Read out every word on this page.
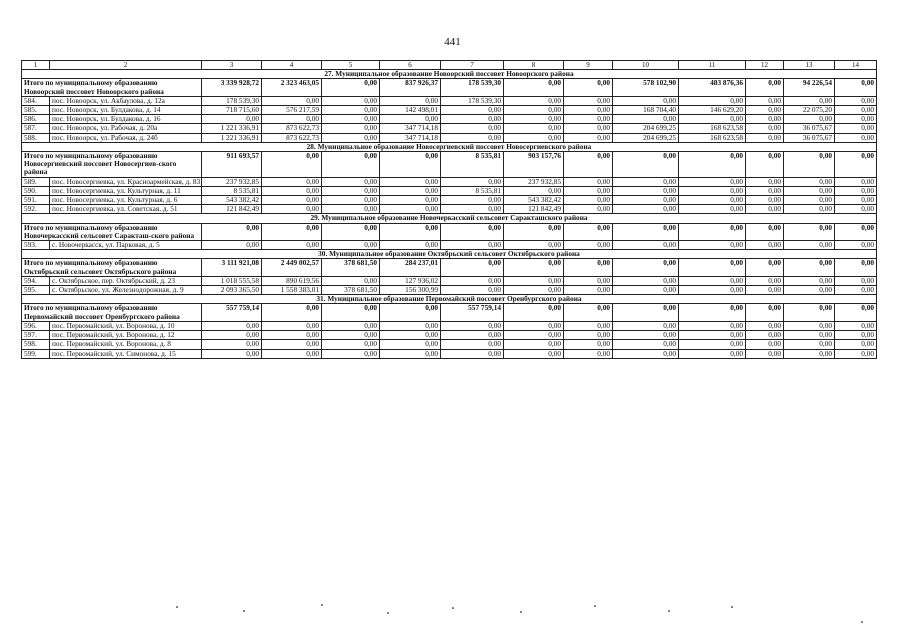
441
1	2	3	4	5	6	7	8	9	10	11	12	13	14
27. Муниципальное образование Новоорский поссовет Новоорского района													
Итого по муниципальному образованию Новоорский поссовет Новоорского района		3 339 928,72	2 323 463,05	0,00	837 926,37	178 539,30	0,00	0,00	578 102,90	483 876,36	0,00	94 226,54	0,00
584.	пос. Новоорск, ул. Акбаулова, д. 12а	178 539,30	0,00	0,00	0,00	178 539,30	0,00	0,00	0,00	0,00	0,00	0,00	0,00
585.	пос. Новоорск, ул. Булдакова, д. 14	718 715,60	576 217,59	0,00	142 498,01	0,00	0,00	0,00	168 704,40	146 629,20	0,00	22 075,20	0,00
586.	пос. Новоорск, ул. Булдакова, д. 16	0,00	0,00	0,00	0,00	0,00	0,00	0,00	0,00	0,00	0,00	0,00	0,00
587.	пос. Новоорск, ул. Рабочая, д. 20а	1 221 336,91	873 622,73	0,00	347 714,18	0,00	0,00	0,00	204 699,25	168 623,58	0,00	36 075,67	0,00
588.	пос. Новоорск, ул. Рабочая, д. 24б	1 221 336,91	873 622,73	0,00	347 714,18	0,00	0,00	0,00	204 699,25	168 623,58	0,00	36 075,67	0,00
28. Муниципальное образование Новосергиевский поссовет Новосергиевского района													
Итого по муниципальному образованию Новосергиевский поссовет Новосергиев-ского района		911 693,57	0,00	0,00	0,00	8 535,81	903 157,76	0,00	0,00	0,00	0,00	0,00	0,00
589.	пос. Новосергиевка, ул. Красноармейская, д. 83	237 932,85	0,00	0,00	0,00	0,00	237 932,85	0,00	0,00	0,00	0,00	0,00	0,00
590.	пос. Новосергиевка, ул. Культурная, д. 11	8 535,81	0,00	0,00	0,00	8 535,81	0,00	0,00	0,00	0,00	0,00	0,00	0,00
591.	пос. Новосергиевка, ул. Культурная, д. 6	543 382,42	0,00	0,00	0,00	0,00	543 382,42	0,00	0,00	0,00	0,00	0,00	0,00
592.	пос. Новосергиевка, ул. Советская, д. 51	121 842,49	0,00	0,00	0,00	0,00	121 842,49	0,00	0,00	0,00	0,00	0,00	0,00
29. Муниципальное образование Новочеркасский сельсовет Саракташского района													
Итого по муниципальному образованию Новочеркасский сельсовет Саракташ-ского района		0,00	0,00	0,00	0,00	0,00	0,00	0,00	0,00	0,00	0,00	0,00	0,00
593.	с. Новочеркасск, ул. Парковая, д. 5	0,00	0,00	0,00	0,00	0,00	0,00	0,00	0,00	0,00	0,00	0,00	0,00
30. Муниципальное образование Октябрьский сельсовет Октябрьского района													
Итого по муниципальному образованию Октябрьский сельсовет Октябрьского района		3 111 921,08	2 449 002,57	378 681,50	284 237,01	0,00	0,00	0,00	0,00	0,00	0,00	0,00	0,00
594.	с. Октябрьское, пер. Октябрьский, д. 23	1 018 555,58	890 619,56	0,00	127 936,02	0,00	0,00	0,00	0,00	0,00	0,00	0,00	0,00
595.	с. Октябрьское, ул. Железнодорожная, д. 9	2 093 365,50	1 558 383,01	378 681,50	156 300,99	0,00	0,00	0,00	0,00	0,00	0,00	0,00	0,00
31. Муниципальное образование Первомайский поссовет Оренбургского района													
Итого по муниципальному образованию Первомайский поссовет Оренбургского района		557 759,14	0,00	0,00	0,00	557 759,14	0,00	0,00	0,00	0,00	0,00	0,00	0,00
596.	пос. Первомайский, ул. Воронова, д. 10	0,00	0,00	0,00	0,00	0,00	0,00	0,00	0,00	0,00	0,00	0,00	0,00
597.	пос. Первомайский, ул. Воронова, д. 12	0,00	0,00	0,00	0,00	0,00	0,00	0,00	0,00	0,00	0,00	0,00	0,00
598.	пос. Первомайский, ул. Воронова, д. 8	0,00	0,00	0,00	0,00	0,00	0,00	0,00	0,00	0,00	0,00	0,00	0,00
599.	пос. Первомайский, ул. Симонова, д. 15	0,00	0,00	0,00	0,00	0,00	0,00	0,00	0,00	0,00	0,00	0,00	0,00
